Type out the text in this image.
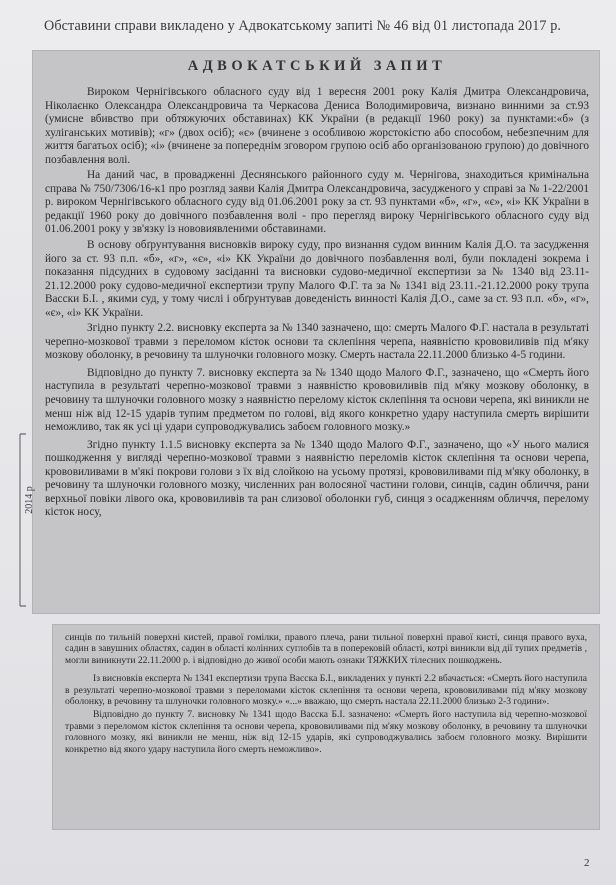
Обставини справи викладено у Адвокатському запиті № 46 від 01 листопада 2017 р.
АДВОКАТСЬКИЙ ЗАПИТ

Вироком Чернігівського обласного суду від 1 вересня 2001 року Калія Дмитра Олександровича, Ніколаєнко Олександра Олександровича та Черкасова Дениса Володимировича, визнано винними за ст.93 (умисне вбивство при обтяжуючих обставинах) КК України (в редакції 1960 року) за пунктами:«б» (з хуліганських мотивів); «г» (двох осіб); «є» (вчинене з особливою жорстокістю або способом, небезпечним для життя багатьох осіб); «і» (вчинене за попереднім зговором групою осіб або організованою групою) до довічного позбавлення волі.

На даний час, в провадженні Деснянського районного суду м. Чернігова, знаходиться кримінальна справа № 750/7306/16-к1 про розгляд заяви Калія Дмитра Олександровича, засудженого у справі за № 1-22/2001 р. вироком Чернігівського обласного суду від 01.06.2001 року за ст. 93 пунктами «б», «г», «є», «і» КК України в редакції 1960 року до довічного позбавлення волі - про перегляд вироку Чернігівського обласного суду від 01.06.2001 року у зв'язку із нововиявленими обставинами.

В основу обґрунтування висновків вироку суду, про визнання судом винним Калія Д.О. та засудження його за ст. 93 п.п. «б», «г», «є», «і» КК України до довічного позбавлення волі, були покладені зокрема і показання підсудних в судовому засіданні та висновки судово-медичної експертизи за № 1340 від 23.11-21.12.2000 року судово-медичної експертизи трупу Малого Ф.Г. та за № 1341 від 23.11.-21.12.2000 року трупа Васски Б.І. , якими суд, у тому числі і обґрунтував доведеність винності Калія Д.О., саме за ст. 93 п.п. «б», «г», «є», «і» КК України.

Згідно пункту 2.2. висновку експерта за № 1340 зазначено, що: смерть Малого Ф.Г. настала в результаті черепно-мозкової травми з переломом кісток основи та склепіння черепа, наявністю крововиливів під м'яку мозкову оболонку, в речовину та шлуночки головного мозку. Смерть настала 22.11.2000 близько 4-5 години.

Відповідно до пункту 7. висновку експерта за № 1340 щодо Малого Ф.Г., зазначено, що «Смерть його наступила в результаті черепно-мозкової травми з наявністю крововиливів під м'яку мозкову оболонку, в речовину та шлуночки головного мозку з наявністю перелому кісток склепіння та основи черепа, які виникли не менш ніж від 12-15 ударів тупим предметом по голові, від якого конкретно удару наступила смерть вирішити неможливо, так як усі ці удари супроводжувались забоєм головного мозку.»

Згідно пункту 1.1.5 висновку експерта за № 1340 щодо Малого Ф.Г., зазначено, що «У нього малися пошкодження у вигляді черепно-мозкової травми з наявністю переломів кісток склепіння та основи черепа, крововиливами в м'які покрови голови з їх від слойкою на усьому протязі, крововиливами під м'яку оболонку, в речовину та шлуночки головного мозку, численних ран волосяної частини голови, синців, садин обличчя, рани верхньої повіки лівого ока, крововиливів та ран слизової оболонки губ, синця з осадженням обличчя, перелому кісток носу,

2014 р

синців по тильній поверхні кистей, правої гомілки, правого плеча, рани тильної поверхні правої кисті, синця правого вуха, садин в завушних областях, садин в області колінних суглобів та в поперековій області, котрі виникли від дії тупих предметів , могли виникнути 22.11.2000 р. і відповідно до живої особи мають ознаки ТЯЖКИХ тілесних пошкоджень.

Із висновків експерта № 1341 експертизи трупа Васска Б.І., викладених у пункті 2.2 вбачається: «Смерть його наступила в результаті черепно-мозкової травми з переломами кісток склепіння та основи черепа, крововиливами під м'яку мозкову оболонку, в речовину та шлуночки головного мозку.» «...» вважаю, що смерть настала 22.11.2000 близько 2-3 години».

Відповідно до пункту 7. висновку № 1341 щодо Васска Б.І. зазначено: «Смерть його наступила від черепно-мозкової травми з переломом кісток склепіння та основи черепа, крововиливами під м'яку мозкову оболонку, в речовину та шлуночки головного мозку, які виникли не менш, ніж від 12-15 ударів, які супроводжувались забоєм головного мозку. Вирішити конкретно від якого удару наступила його смерть неможливо».

2
